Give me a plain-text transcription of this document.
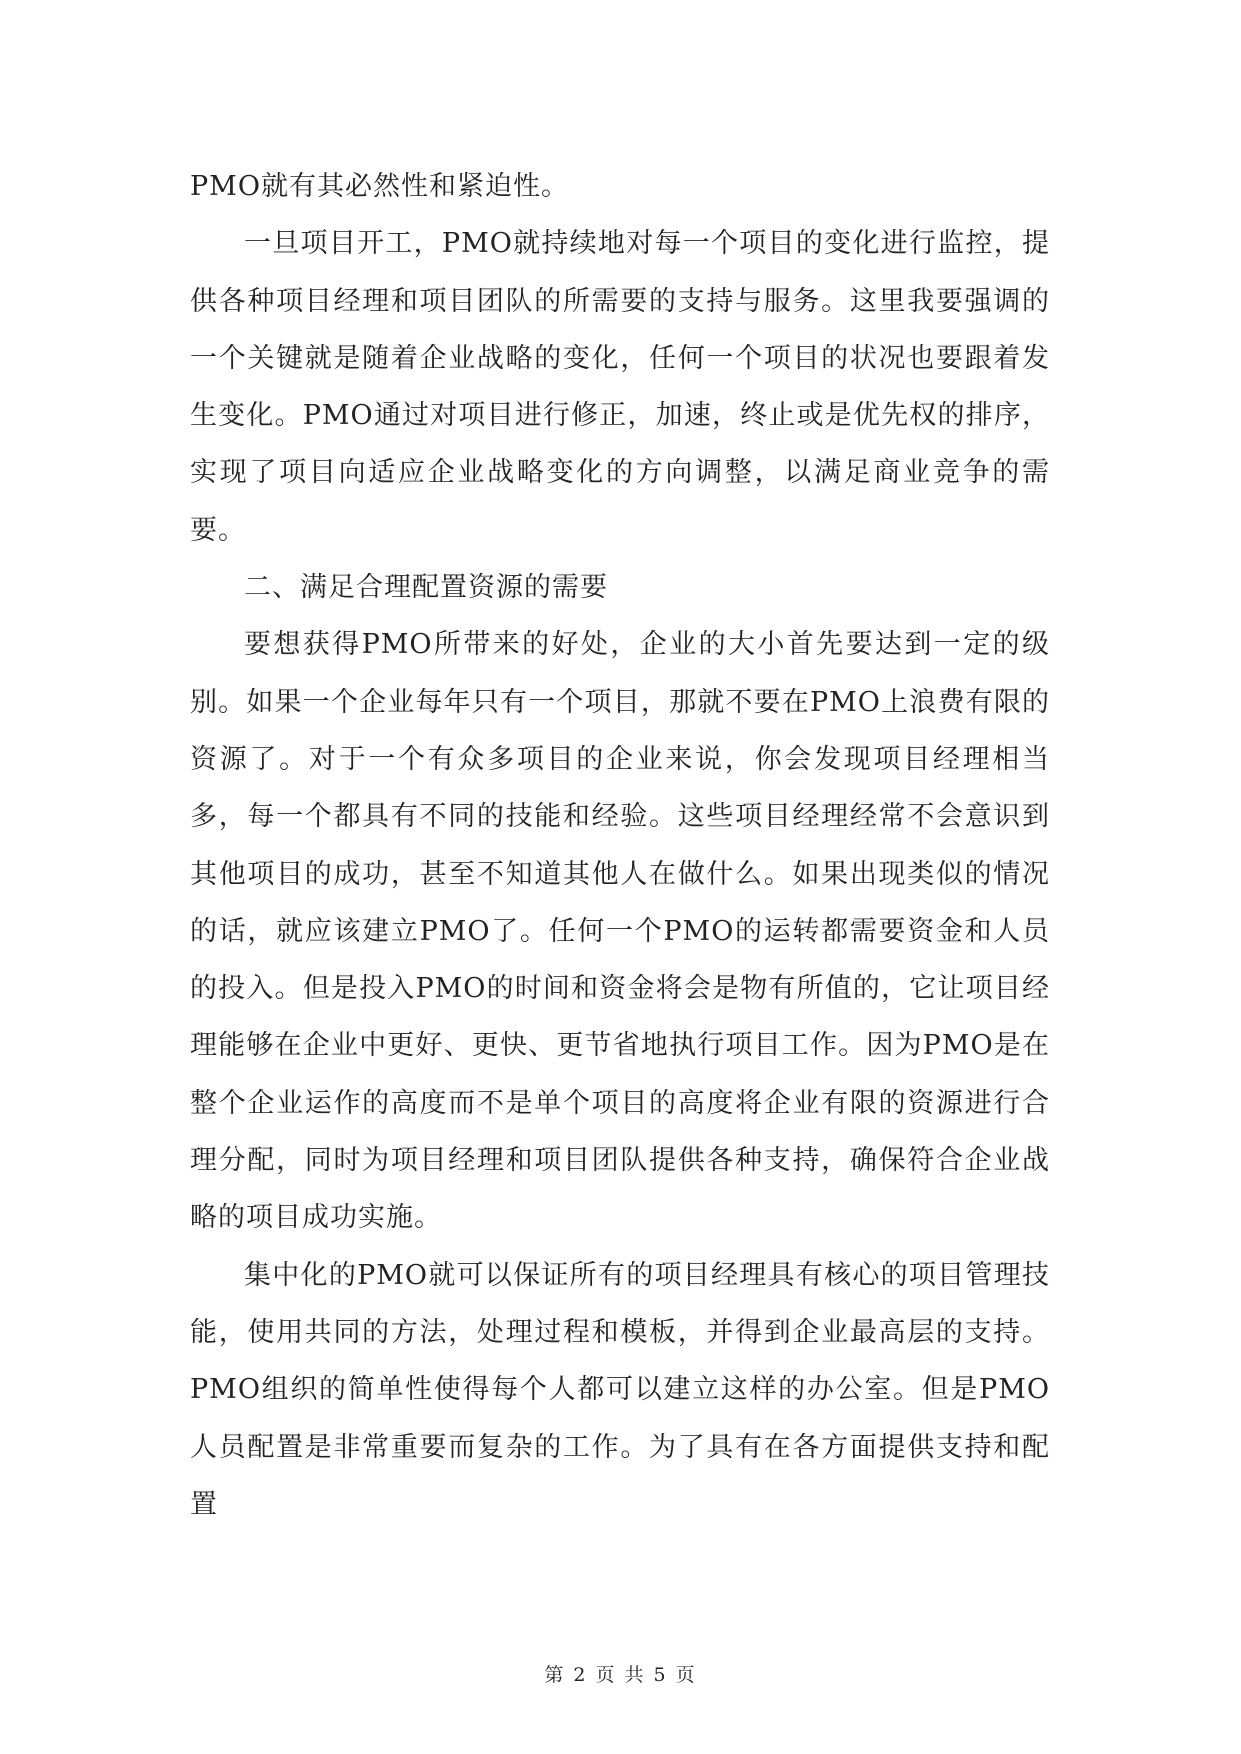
PMO就有其必然性和紧迫性。

一旦项目开工，PMO就持续地对每一个项目的变化进行监控，提供各种项目经理和项目团队的所需要的支持与服务。这里我要强调的一个关键就是随着企业战略的变化，任何一个项目的状况也要跟着发生变化。PMO通过对项目进行修正，加速，终止或是优先权的排序，实现了项目向适应企业战略变化的方向调整，以满足商业竞争的需要。

二、满足合理配置资源的需要

要想获得PMO所带来的好处，企业的大小首先要达到一定的级别。如果一个企业每年只有一个项目，那就不要在PMO上浪费有限的资源了。对于一个有众多项目的企业来说，你会发现项目经理相当多，每一个都具有不同的技能和经验。这些项目经理经常不会意识到其他项目的成功，甚至不知道其他人在做什么。如果出现类似的情况的话，就应该建立PMO了。任何一个PMO的运转都需要资金和人员的投入。但是投入PMO的时间和资金将会是物有所值的，它让项目经理能够在企业中更好、更快、更节省地执行项目工作。因为PMO是在整个企业运作的高度而不是单个项目的高度将企业有限的资源进行合理分配，同时为项目经理和项目团队提供各种支持，确保符合企业战略的项目成功实施。

集中化的PMO就可以保证所有的项目经理具有核心的项目管理技能，使用共同的方法，处理过程和模板，并得到企业最高层的支持。PMO组织的简单性使得每个人都可以建立这样的办公室。但是PMO人员配置是非常重要而复杂的工作。为了具有在各方面提供支持和配置

第 2 页 共 5 页
